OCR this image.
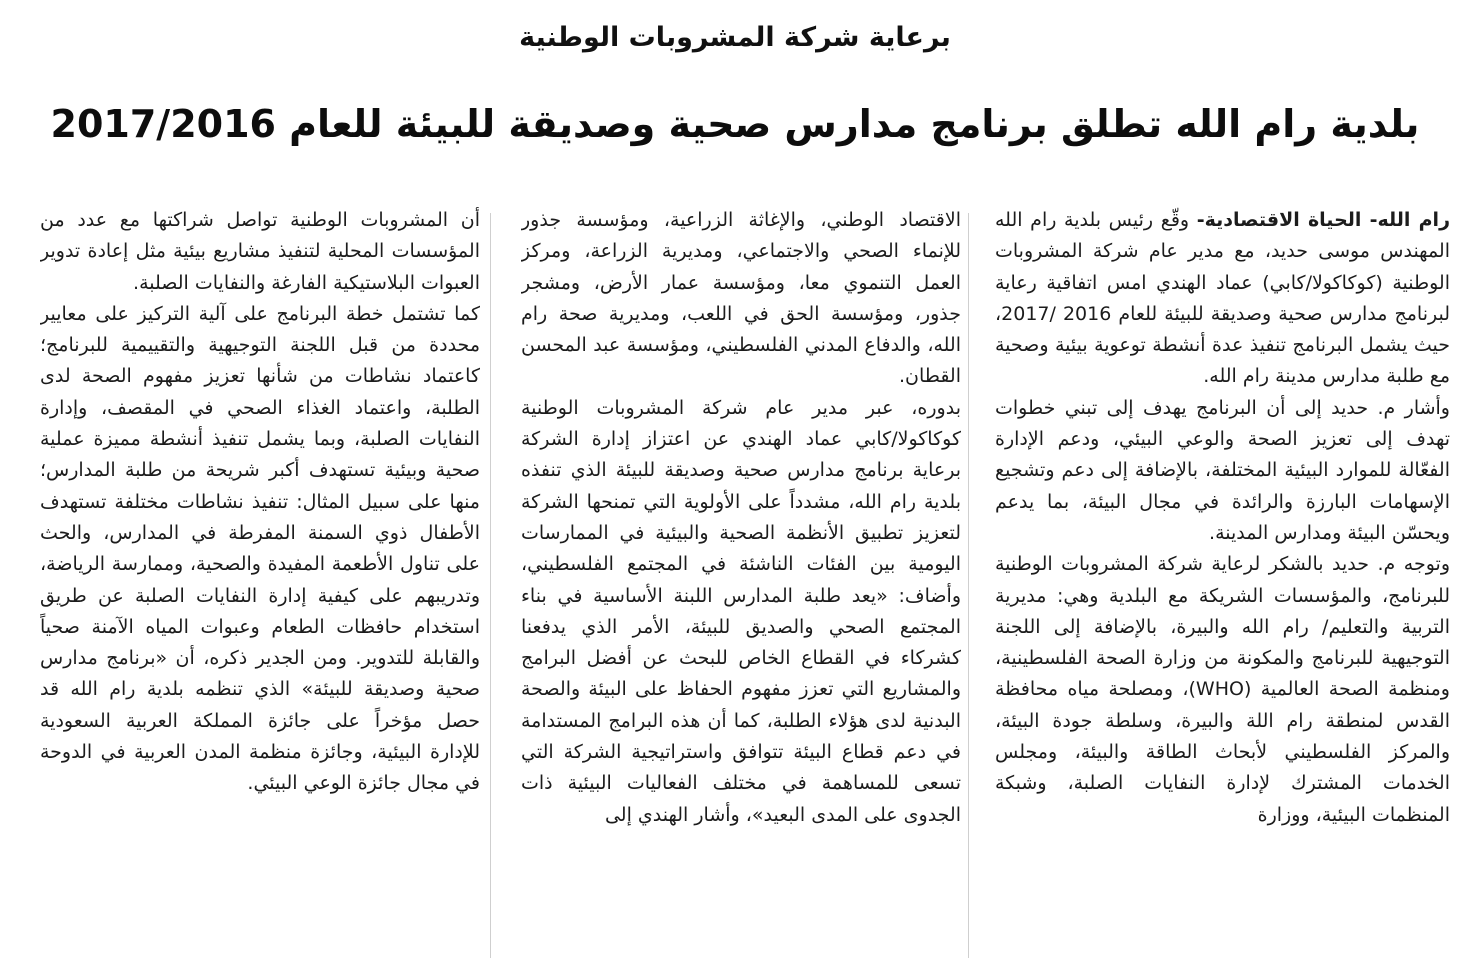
برعاية شركة المشروبات الوطنية
بلدية رام الله تطلق برنامج مدارس صحية وصديقة للبيئة للعام 2017/2016

رام الله- الحياة الاقتصادية- وقّع رئيس بلدية رام الله المهندس موسى حديد، مع مدير عام شركة المشروبات الوطنية (كوكاكولا/كابي) عماد الهندي امس اتفاقية رعاية لبرنامج مدارس صحية وصديقة للبيئة للعام 2016 /2017، حيث يشمل البرنامج تنفيذ عدة أنشطة توعوية بيئية وصحية مع طلبة مدارس مدينة رام الله.

وأشار م. حديد إلى أن البرنامج يهدف إلى تبني خطوات تهدف إلى تعزيز الصحة والوعي البيئي، ودعم الإدارة الفعّالة للموارد البيئية المختلفة، بالإضافة إلى دعم وتشجيع الإسهامات البارزة والرائدة في مجال البيئة، بما يدعم ويحسّن البيئة ومدارس المدينة.

وتوجه م. حديد بالشكر لرعاية شركة المشروبات الوطنية للبرنامج، والمؤسسات الشريكة مع البلدية وهي: مديرية التربية والتعليم/ رام الله والبيرة، بالإضافة إلى اللجنة التوجيهية للبرنامج والمكونة من وزارة الصحة الفلسطينية، ومنظمة الصحة العالمية (WHO)، ومصلحة مياه محافظة القدس لمنطقة رام اللة والبيرة، وسلطة جودة البيئة، والمركز الفلسطيني لأبحاث الطاقة والبيئة، ومجلس الخدمات المشترك لإدارة النفايات الصلبة، وشبكة المنظمات البيئية، ووزارة

الاقتصاد الوطني، والإغاثة الزراعية، ومؤسسة جذور للإنماء الصحي والاجتماعي، ومديرية الزراعة، ومركز العمل التنموي معا، ومؤسسة عمار الأرض، ومشجر جذور، ومؤسسة الحق في اللعب، ومديرية صحة رام الله، والدفاع المدني الفلسطيني، ومؤسسة عبد المحسن القطان.

بدوره، عبر مدير عام شركة المشروبات الوطنية كوكاكولا/كابي عماد الهندي عن اعتزاز إدارة الشركة برعاية برنامج مدارس صحية وصديقة للبيئة الذي تنفذه بلدية رام الله، مشدداً على الأولوية التي تمنحها الشركة لتعزيز تطبيق الأنظمة الصحية والبيئية في الممارسات اليومية بين الفئات الناشئة في المجتمع الفلسطيني، وأضاف: «يعد طلبة المدارس اللبنة الأساسية في بناء المجتمع الصحي والصديق للبيئة، الأمر الذي يدفعنا كشركاء في القطاع الخاص للبحث عن أفضل البرامج والمشاريع التي تعزز مفهوم الحفاظ على البيئة والصحة البدنية لدى هؤلاء الطلبة، كما أن هذه البرامج المستدامة في دعم قطاع البيئة تتوافق واستراتيجية الشركة التي تسعى للمساهمة في مختلف الفعاليات البيئية ذات الجدوى على المدى البعيد»، وأشار الهندي إلى

أن المشروبات الوطنية تواصل شراكتها مع عدد من المؤسسات المحلية لتنفيذ مشاريع بيئية مثل إعادة تدوير العبوات البلاستيكية الفارغة والنفايات الصلبة.

كما تشتمل خطة البرنامج على آلية التركيز على معايير محددة من قبل اللجنة التوجيهية والتقييمية للبرنامج؛ كاعتماد نشاطات من شأنها تعزيز مفهوم الصحة لدى الطلبة، واعتماد الغذاء الصحي في المقصف، وإدارة النفايات الصلبة، وبما يشمل تنفيذ أنشطة مميزة عملية صحية وبيئية تستهدف أكبر شريحة من طلبة المدارس؛ منها على سبيل المثال: تنفيذ نشاطات مختلفة تستهدف الأطفال ذوي السمنة المفرطة في المدارس، والحث على تناول الأطعمة المفيدة والصحية، وممارسة الرياضة، وتدريبهم على كيفية إدارة النفايات الصلبة عن طريق استخدام حافظات الطعام وعبوات المياه الآمنة صحياً والقابلة للتدوير. ومن الجدير ذكره، أن «برنامج مدارس صحية وصديقة للبيئة» الذي تنظمه بلدية رام الله قد حصل مؤخراً على جائزة المملكة العربية السعودية للإدارة البيئية، وجائزة منظمة المدن العربية في الدوحة في مجال جائزة الوعي البيئي.
